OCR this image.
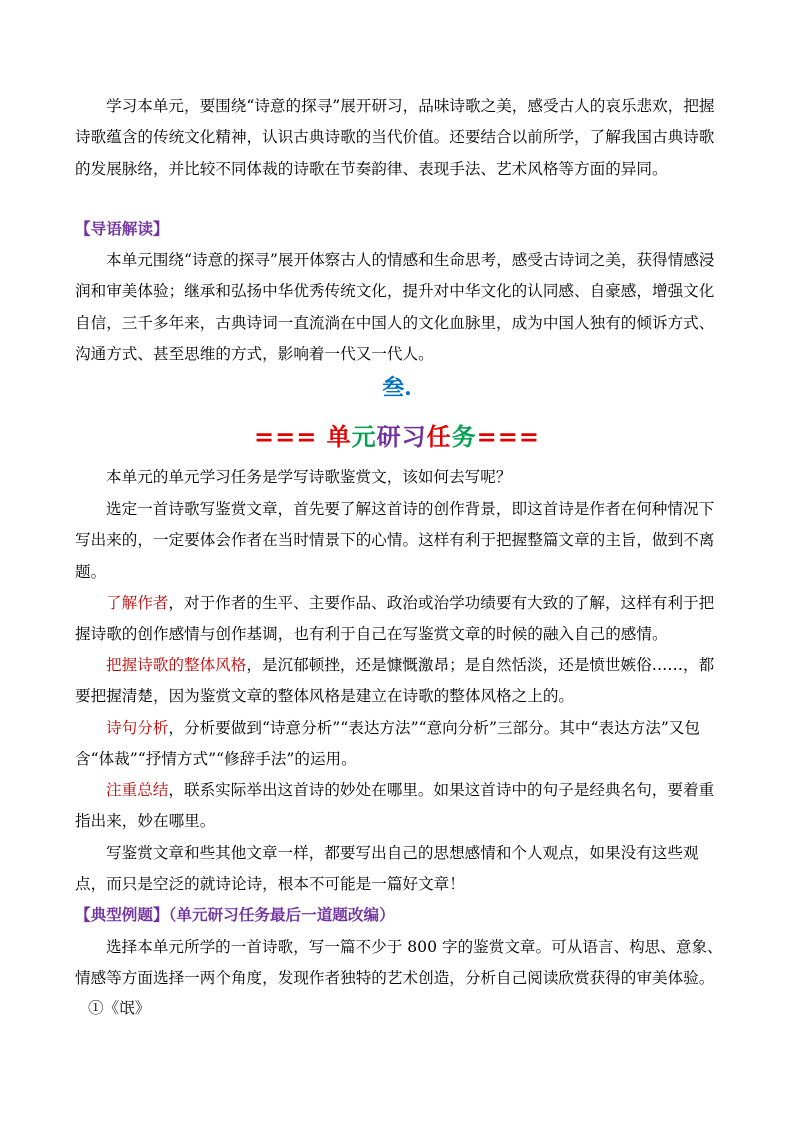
学习本单元，要围绕“诗意的探寻”展开研习，品味诗歌之美，感受古人的哀乐悲欢，把握诗歌蕴含的传统文化精神，认识古典诗歌的当代价值。还要结合以前所学，了解我国古典诗歌的发展脉络，并比较不同体裁的诗歌在节奏韵律、表现手法、艺术风格等方面的异同。

【导语解读】

本单元围绕“诗意的探寻”展开体察古人的情感和生命思考，感受古诗词之美，获得情感浸润和审美体验；继承和弘扬中华优秀传统文化，提升对中华文化的认同感、自豪感，增强文化自信，三千多年来，古典诗词一直流淌在中国人的文化血脉里，成为中国人独有的倾诉方式、沟通方式、甚至思维的方式，影响着一代又一代人。

叁.
=== 单元研习任务===

本单元的单元学习任务是学写诗歌鉴赏文，该如何去写呢？

选定一首诗歌写鉴赏文章，首先要了解这首诗的创作背景，即这首诗是作者在何种情况下写出来的，一定要体会作者在当时情景下的心情。这样有利于把握整篇文章的主旨，做到不离题。

了解作者，对于作者的生平、主要作品、政治或治学功绩要有大致的了解，这样有利于把握诗歌的创作感情与创作基调，也有利于自己在写鉴赏文章的时候的融入自己的感情。

把握诗歌的整体风格，是沉郁顿挫，还是慷慨激昂；是自然恬淡，还是愤世嫉俗……，都要把握清楚，因为鉴赏文章的整体风格是建立在诗歌的整体风格之上的。

诗句分析，分析要做到“诗意分析”“表达方法”“意向分析”三部分。其中“表达方法”又包含“体裁”“抒情方式”“修辞手法”的运用。

注重总结，联系实际举出这首诗的妙处在哪里。如果这首诗中的句子是经典名句，要着重指出来，妙在哪里。

写鉴赏文章和些其他文章一样，都要写出自己的思想感情和个人观点，如果没有这些观点，而只是空泛的就诗论诗，根本不可能是一篇好文章！

【典型例题】（单元研习任务最后一道题改编）

选择本单元所学的一首诗歌，写一篇不少于 800 字的鉴赏文章。可从语言、构思、意象、情感等方面选择一两个角度，发现作者独特的艺术创造，分析自己阅读欣赏获得的审美体验。

①《氓》
